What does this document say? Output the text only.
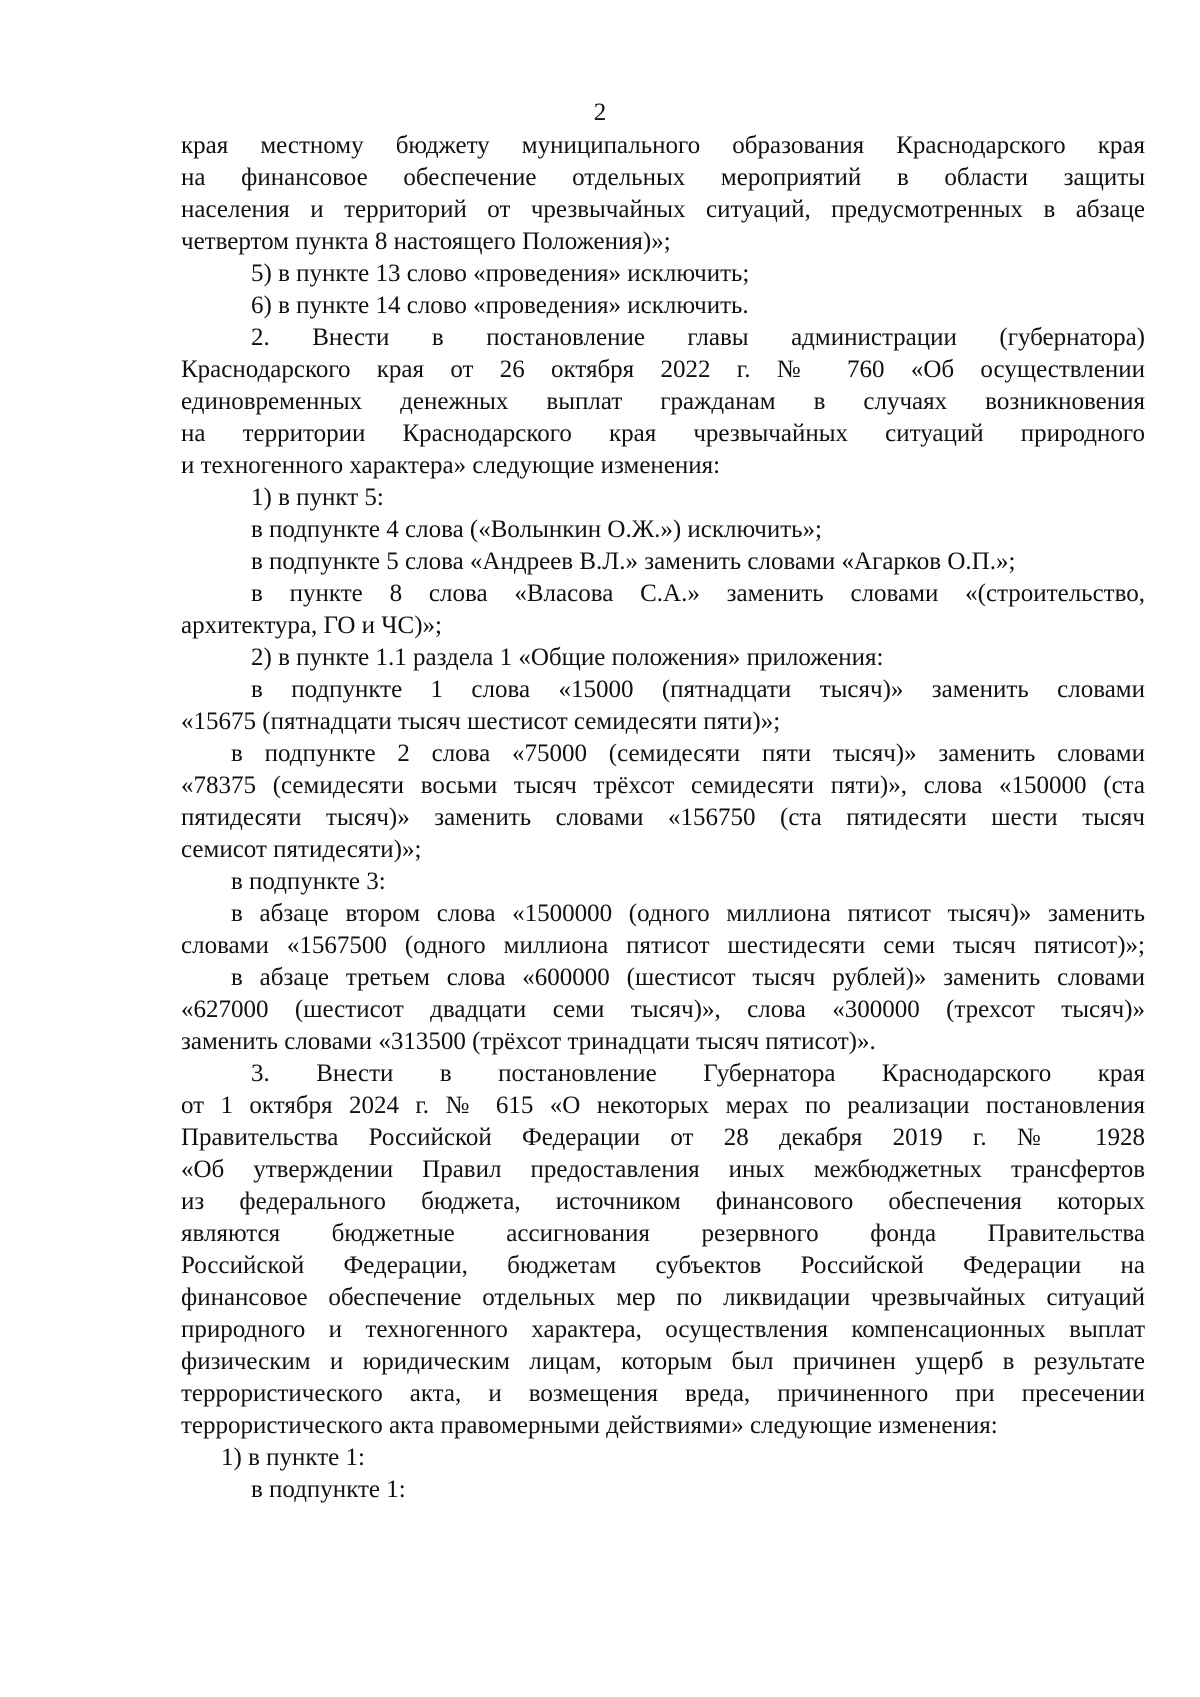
2
края местному бюджету муниципального образования Краснодарского края
на финансовое обеспечение отдельных мероприятий в области защиты
населения и территорий от чрезвычайных ситуаций, предусмотренных в абзаце
четвертом пункта 8 настоящего Положения)»;
5) в пункте 13 слово «проведения» исключить;
6) в пункте 14 слово «проведения» исключить.
2. Внести в постановление главы администрации (губернатора)
Краснодарского края от 26 октября 2022 г. № 760 «Об осуществлении
единовременных денежных выплат гражданам в случаях возникновения
на территории Краснодарского края чрезвычайных ситуаций природного
и техногенного характера» следующие изменения:
1) в пункт 5:
в подпункте 4 слова («Волынкин О.Ж.») исключить»;
в подпункте 5 слова «Андреев В.Л.» заменить словами «Агарков О.П.»;
в пункте 8 слова «Власова С.А.» заменить словами «(строительство,
архитектура, ГО и ЧС)»;
2) в пункте 1.1 раздела 1 «Общие положения» приложения:
в подпункте 1 слова «15000 (пятнадцати тысяч)» заменить словами
«15675 (пятнадцати тысяч шестисот семидесяти пяти)»;
в подпункте 2 слова «75000 (семидесяти пяти тысяч)» заменить словами
«78375 (семидесяти восьми тысяч трёхсот семидесяти пяти)», слова «150000 (ста
пятидесяти тысяч)» заменить словами «156750 (ста пятидесяти шести тысяч
семисот пятидесяти)»;
в подпункте 3:
в абзаце втором слова «1500000 (одного миллиона пятисот тысяч)» заменить
словами «1567500 (одного миллиона пятисот шестидесяти семи тысяч пятисот)»;
в абзаце третьем слова «600000 (шестисот тысяч рублей)» заменить словами
«627000 (шестисот двадцати семи тысяч)», слова «300000 (трехсот тысяч)»
заменить словами «313500 (трёхсот тринадцати тысяч пятисот)».
3. Внести в постановление Губернатора Краснодарского края
от 1 октября 2024 г. № 615 «О некоторых мерах по реализации постановления
Правительства Российской Федерации от 28 декабря 2019 г. № 1928
«Об утверждении Правил предоставления иных межбюджетных трансфертов
из федерального бюджета, источником финансового обеспечения которых
являются бюджетные ассигнования резервного фонда Правительства
Российской Федерации, бюджетам субъектов Российской Федерации на
финансовое обеспечение отдельных мер по ликвидации чрезвычайных ситуаций
природного и техногенного характера, осуществления компенсационных выплат
физическим и юридическим лицам, которым был причинен ущерб в результате
террористического акта, и возмещения вреда, причиненного при пресечении
террористического акта правомерными действиями» следующие изменения:
1) в пункте 1:
в подпункте 1:
